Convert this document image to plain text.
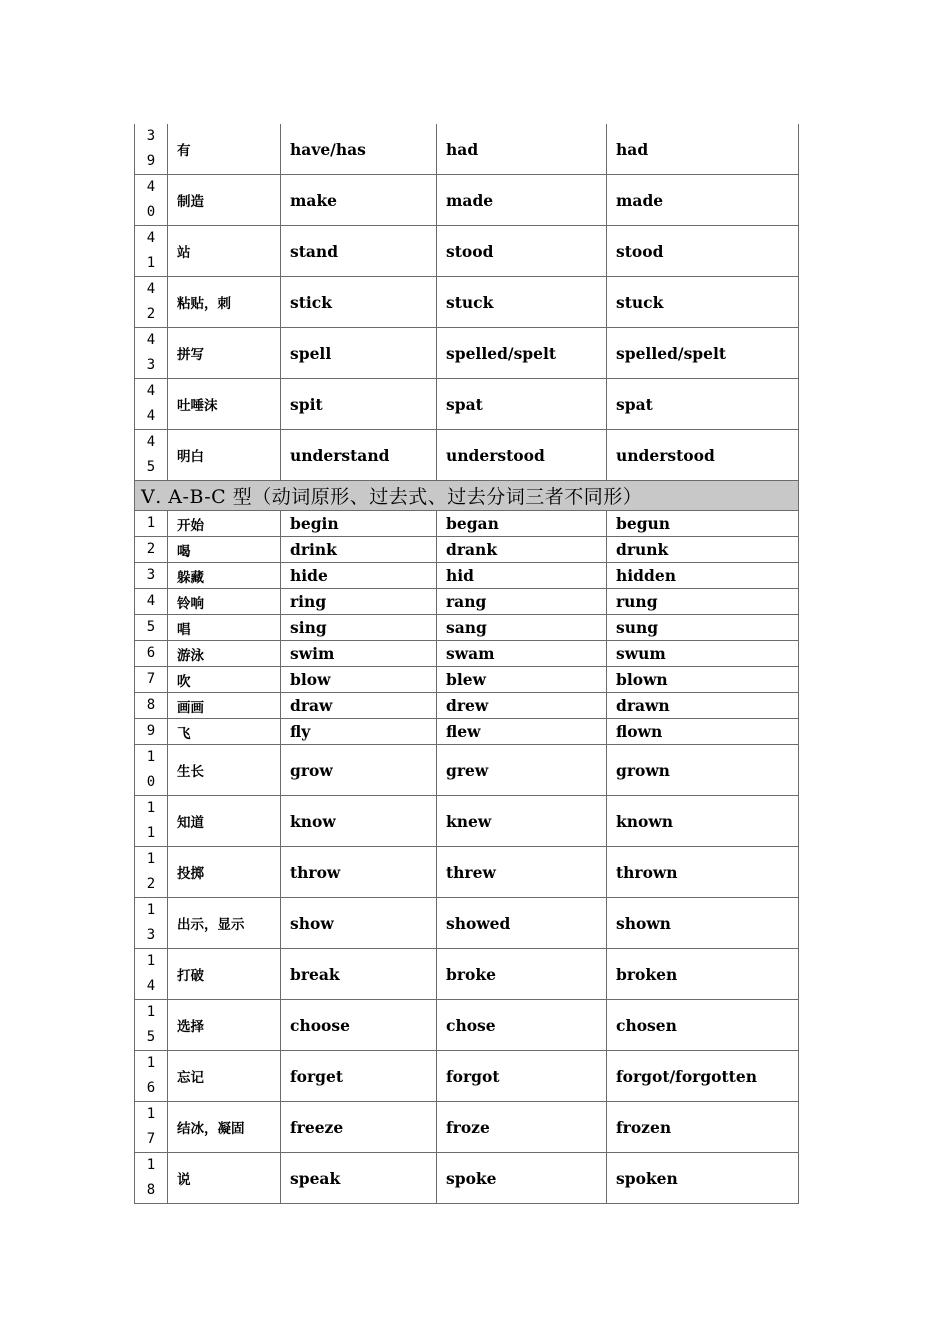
39	有	have/has	had	had

40	制造	make	made	made

41	站	stand	stood	stood

42	粘贴，刺	stick	stuck	stuck

43	拼写	spell	spelled/spelt	spelled/spelt

44	吐唾沫	spit	spat	spat

45	明白	understand	understood	understood
Ⅴ. A-B-C 型（动词原形、过去式、过去分词三者不同形）				
1	开始	begin	began	begun
2	喝	drink	drank	drunk
3	躲藏	hide	hid	hidden
4	铃响	ring	rang	rung
5	唱	sing	sang	sung
6	游泳	swim	swam	swum
7	吹	blow	blew	blown
8	画画	draw	drew	drawn
9	飞	fly	flew	flown

10	生长	grow	grew	grown

11	知道	know	knew	known

12	投掷	throw	threw	thrown

13	出示，显示	show	showed	shown

14	打破	break	broke	broken

15	选择	choose	chose	chosen

16	忘记	forget	forgot	forgot/forgotten

17	结冰，凝固	freeze	froze	frozen

18	说	speak	spoke	spoken
